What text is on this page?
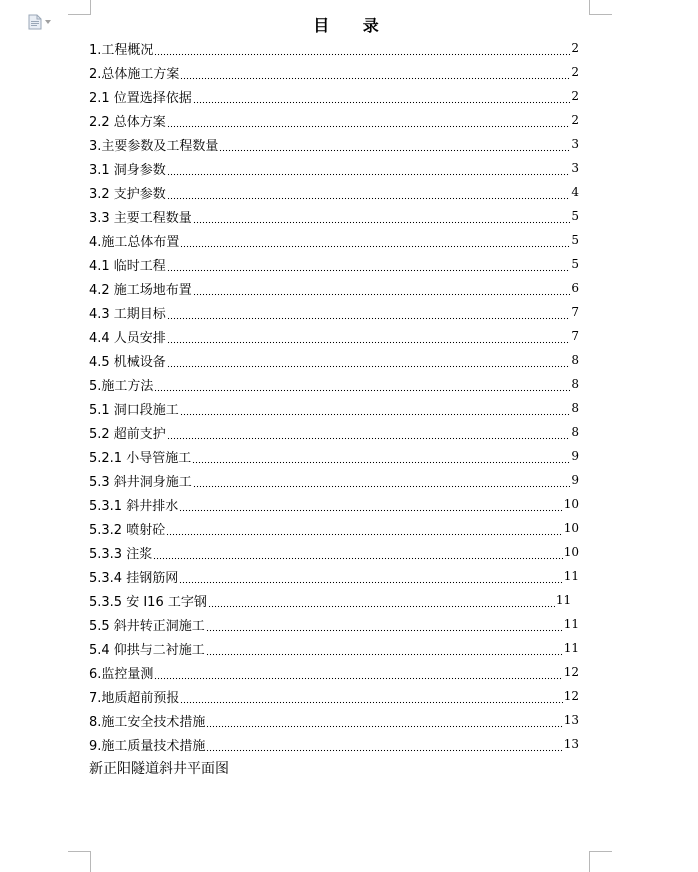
目 录
1.工程概况	2
2.总体施工方案	2
2.1 位置选择依据	2
2.2 总体方案	2
3.主要参数及工程数量	3
3.1 洞身参数	3
3.2 支护参数	4
3.3 主要工程数量	5
4.施工总体布置	5
4.1 临时工程	5
4.2 施工场地布置	6
4.3 工期目标	7
4.4 人员安排	7
4.5 机械设备	8
5.施工方法	8
5.1 洞口段施工	8
5.2 超前支护	8
5.2.1 小导管施工	9
5.3 斜井洞身施工	9
5.3.1 斜井排水	10
5.3.2 喷射砼	10
5.3.3 注浆	10
5.3.4 挂钢筋网	11
5.3.5 安 I16 工字钢	11
5.5 斜井转正洞施工	11
5.4 仰拱与二衬施工	11
6.监控量测	12
7.地质超前预报	12
8.施工安全技术措施	13
9.施工质量技术措施	13
新正阳隧道斜井平面图
